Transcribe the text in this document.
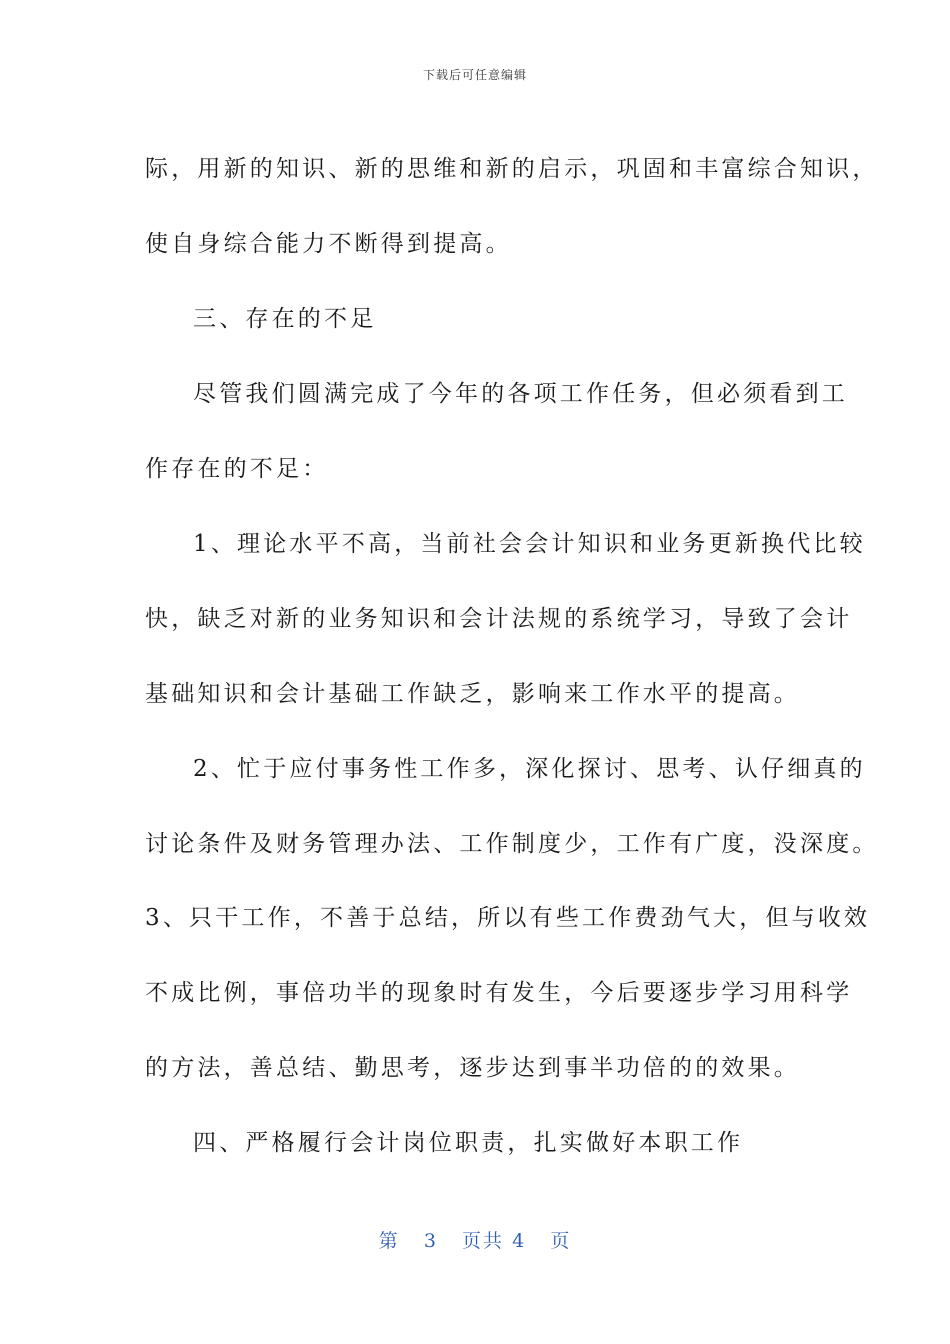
下载后可任意编辑

际，用新的知识、新的思维和新的启示，巩固和丰富综合知识，

使自身综合能力不断得到提高。

三、存在的不足

尽管我们圆满完成了今年的各项工作任务，但必须看到工

作存在的不足：

1、理论水平不高，当前社会会计知识和业务更新换代比较

快，缺乏对新的业务知识和会计法规的系统学习，导致了会计

基础知识和会计基础工作缺乏，影响来工作水平的提高。

2、忙于应付事务性工作多，深化探讨、思考、认仔细真的

讨论条件及财务管理办法、工作制度少，工作有广度，没深度。

3、只干工作，不善于总结，所以有些工作费劲气大，但与收效

不成比例，事倍功半的现象时有发生，今后要逐步学习用科学

的方法，善总结、勤思考，逐步达到事半功倍的的效果。

四、严格履行会计岗位职责，扎实做好本职工作

第 3 页共 4 页
